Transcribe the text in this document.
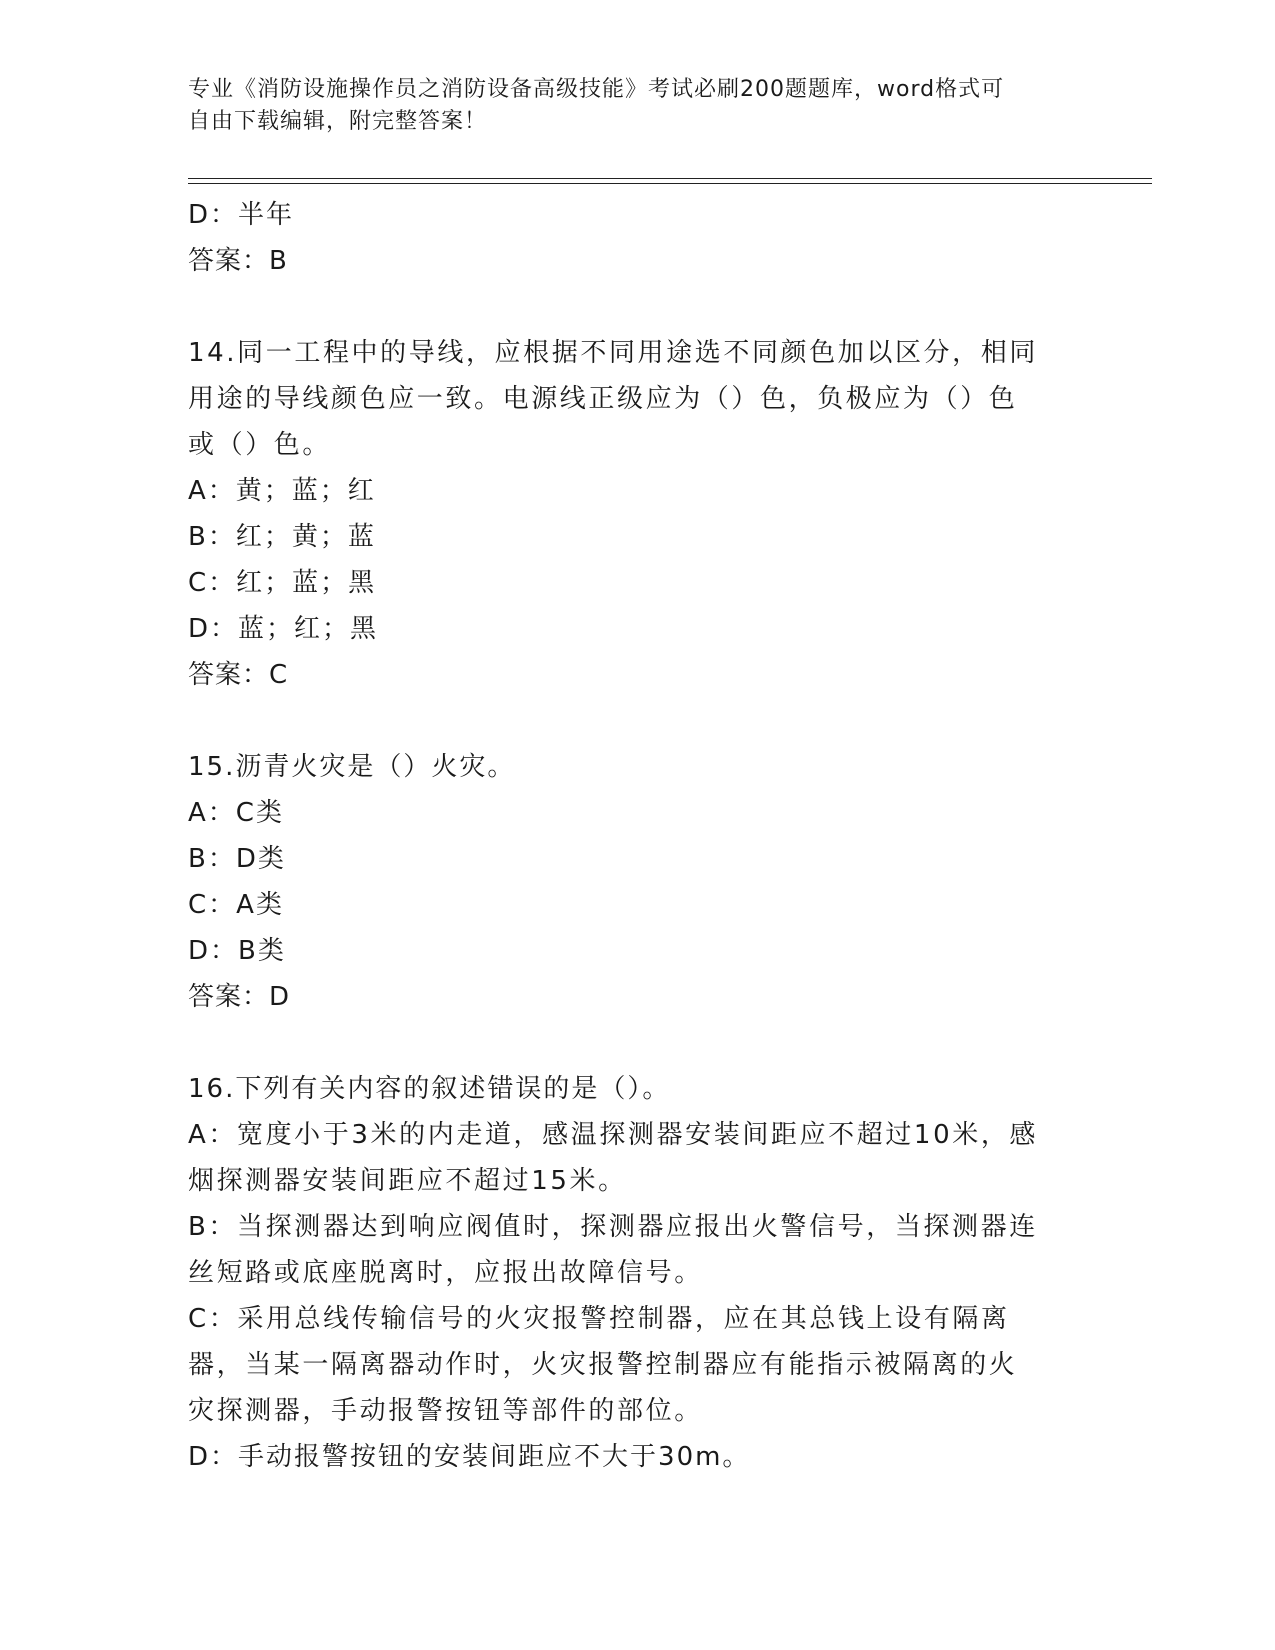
专业《消防设施操作员之消防设备高级技能》考试必刷200题题库，word格式可
自由下载编辑，附完整答案！
D：半年
答案：B
14.同一工程中的导线，应根据不同用途选不同颜色加以区分，相同用途的导线颜色应一致。电源线正级应为（）色，负极应为（）色或（）色。
A：黄；蓝；红
B：红；黄；蓝
C：红；蓝；黑
D：蓝；红；黑
答案：C
15.沥青火灾是（）火灾。
A：C类
B：D类
C：A类
D：B类
答案：D
16.下列有关内容的叙述错误的是（）。
A：宽度小于3米的内走道，感温探测器安装间距应不超过10米，感烟探测器安装间距应不超过15米。
B：当探测器达到响应阀值时，探测器应报出火警信号，当探测器连丝短路或底座脱离时，应报出故障信号。
C：采用总线传输信号的火灾报警控制器，应在其总钱上设有隔离器，当某一隔离器动作时，火灾报警控制器应有能指示被隔离的火灾探测器，手动报警按钮等部件的部位。
D：手动报警按钮的安装间距应不大于30m。
